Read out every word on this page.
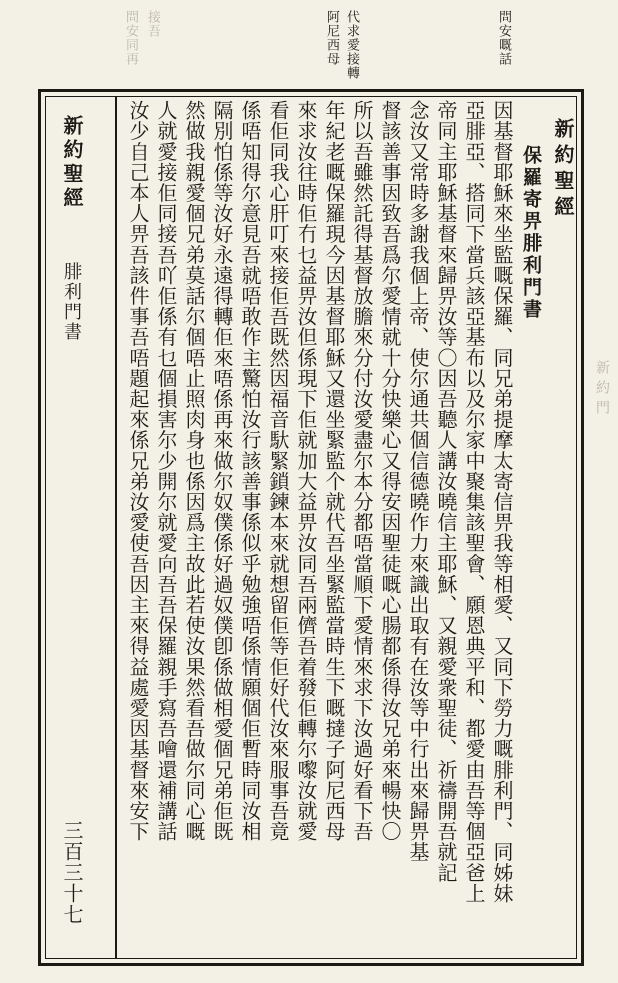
問安嘅話
代求愛接轉
阿尼西母
接吾
問安同再
新約聖經
保羅寄畀腓利門書
因基督耶穌來坐監嘅保羅、同兄弟提摩太寄信畀我等相愛、又同下勞力嘅腓利門、同姊妹
亞腓亞、搭同下當兵該亞基布以及尔家中聚集該聖會、願恩典平和、都愛由吾等個亞爸上
帝同主耶穌基督來歸畀汝等〇因吾聽人講汝曉信主耶穌、又親愛衆聖徒、祈禱開吾就記
念汝又常時多謝我個上帝、使尔通共個信德曉作力來識出取有在汝等中行出來歸畀基
督該善事因致吾爲尔愛情就十分快樂心又得安因聖徒嘅心腸都係得汝兄弟來暢快〇
所以吾雖然託得基督放膽來分付汝愛盡尔本分都唔當順下愛情來求下汝過好看下吾
年紀老嘅保羅現今因基督耶穌又還坐緊監个就代吾坐緊監當時生下嘅撻子阿尼西母
來求汝往時佢冇乜益畀汝但係現下佢就加大益畀汝同吾兩儕吾着發佢轉尔嚟汝就愛
看佢同我心肝叮來接佢吾既然因福音馱緊鎖鍊本來就想留佢等佢好代汝來服事吾竟
係唔知得尔意見吾就唔敢作主驚怕汝行該善事係似乎勉強唔係情願個佢暫時同汝相
隔別怕係等汝好永遠得轉佢來唔係再來做尔奴僕係好過奴僕卽係做相愛個兄弟佢既
然做我親愛個兄弟莫話尔個唔止照肉身也係因爲主故此若使汝果然看吾做尔同心嘅
人就愛接佢同接吾吖佢係有乜個損害尔少開尔就愛向吾吾保羅親手寫吾噲還補講話
汝少自己本人畀吾該件事吾唔題起來係兄弟汝愛使吾因主來得益處愛因基督來安下
新約聖經
腓利門書
三百三十七
新約門
